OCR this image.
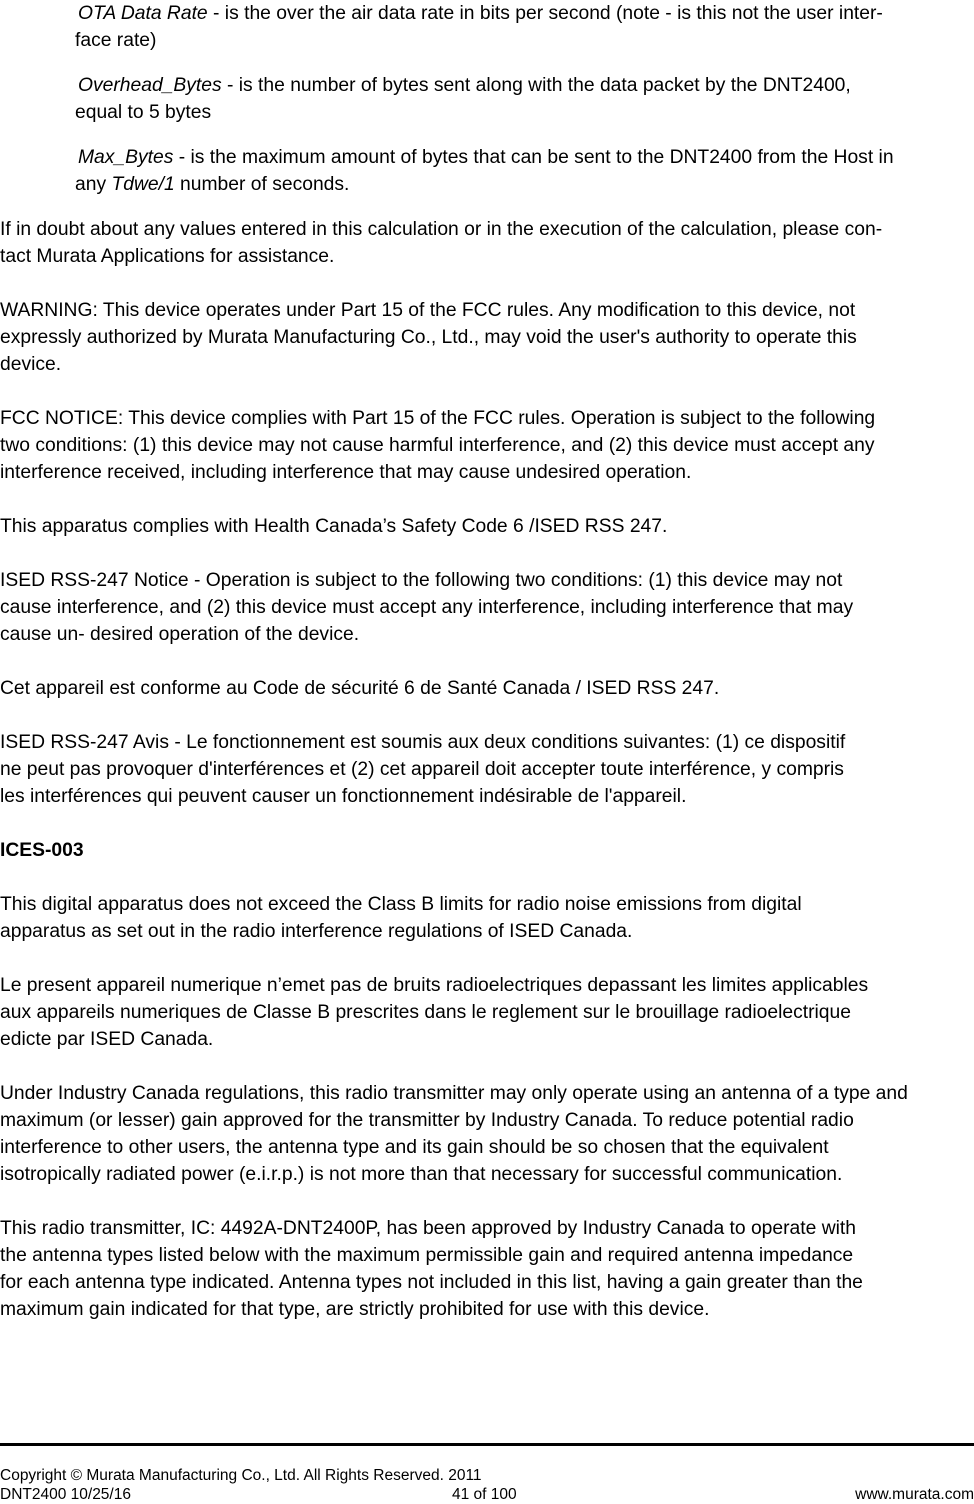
OTA Data Rate - is the over the air data rate in bits per second (note - is this not the user inter-
face rate)
Overhead_Bytes - is the number of bytes sent along with the data packet by the DNT2400,
equal to 5 bytes
Max_Bytes - is the maximum amount of bytes that can be sent to the DNT2400 from the Host in
any Tdwe/1 number of seconds.

If in doubt about any values entered in this calculation or in the execution of the calculation, please con-
tact Murata Applications for assistance.

WARNING: This device operates under Part 15 of the FCC rules. Any modification to this device, not
expressly authorized by Murata Manufacturing Co., Ltd., may void the user's authority to operate this
device.

FCC NOTICE: This device complies with Part 15 of the FCC rules. Operation is subject to the following
two conditions: (1) this device may not cause harmful interference, and (2) this device must accept any
interference received, including interference that may cause undesired operation.

This apparatus complies with Health Canada’s Safety Code 6 /ISED RSS 247.

ISED RSS-247 Notice - Operation is subject to the following two conditions: (1) this device may not
cause interference, and (2) this device must accept any interference, including interference that may
cause un- desired operation of the device.

Cet appareil est conforme au Code de sécurité 6 de Santé Canada / ISED RSS 247.

ISED RSS-247 Avis - Le fonctionnement est soumis aux deux conditions suivantes: (1) ce dispositif
ne peut pas provoquer d'interférences et (2) cet appareil doit accepter toute interférence, y compris
les interférences qui peuvent causer un fonctionnement indésirable de l'appareil.

ICES-003

This digital apparatus does not exceed the Class B limits for radio noise emissions from digital
apparatus as set out in the radio interference regulations of ISED Canada.

Le present appareil numerique n’emet pas de bruits radioelectriques depassant les limites applicables
aux appareils numeriques de Classe B prescrites dans le reglement sur le brouillage radioelectrique
edicte par ISED Canada.

Under Industry Canada regulations, this radio transmitter may only operate using an antenna of a type and
maximum (or lesser) gain approved for the transmitter by Industry Canada. To reduce potential radio
interference to other users, the antenna type and its gain should be so chosen that the equivalent
isotropically radiated power (e.i.r.p.) is not more than that necessary for successful communication.

This radio transmitter, IC: 4492A-DNT2400P, has been approved by Industry Canada to operate with
the antenna types listed below with the maximum permissible gain and required antenna impedance
for each antenna type indicated. Antenna types not included in this list, having a gain greater than the
maximum gain indicated for that type, are strictly prohibited for use with this device.

Copyright © Murata Manufacturing Co., Ltd. All Rights Reserved. 2011
DNT2400 10/25/16	41 of 100	www.murata.com
